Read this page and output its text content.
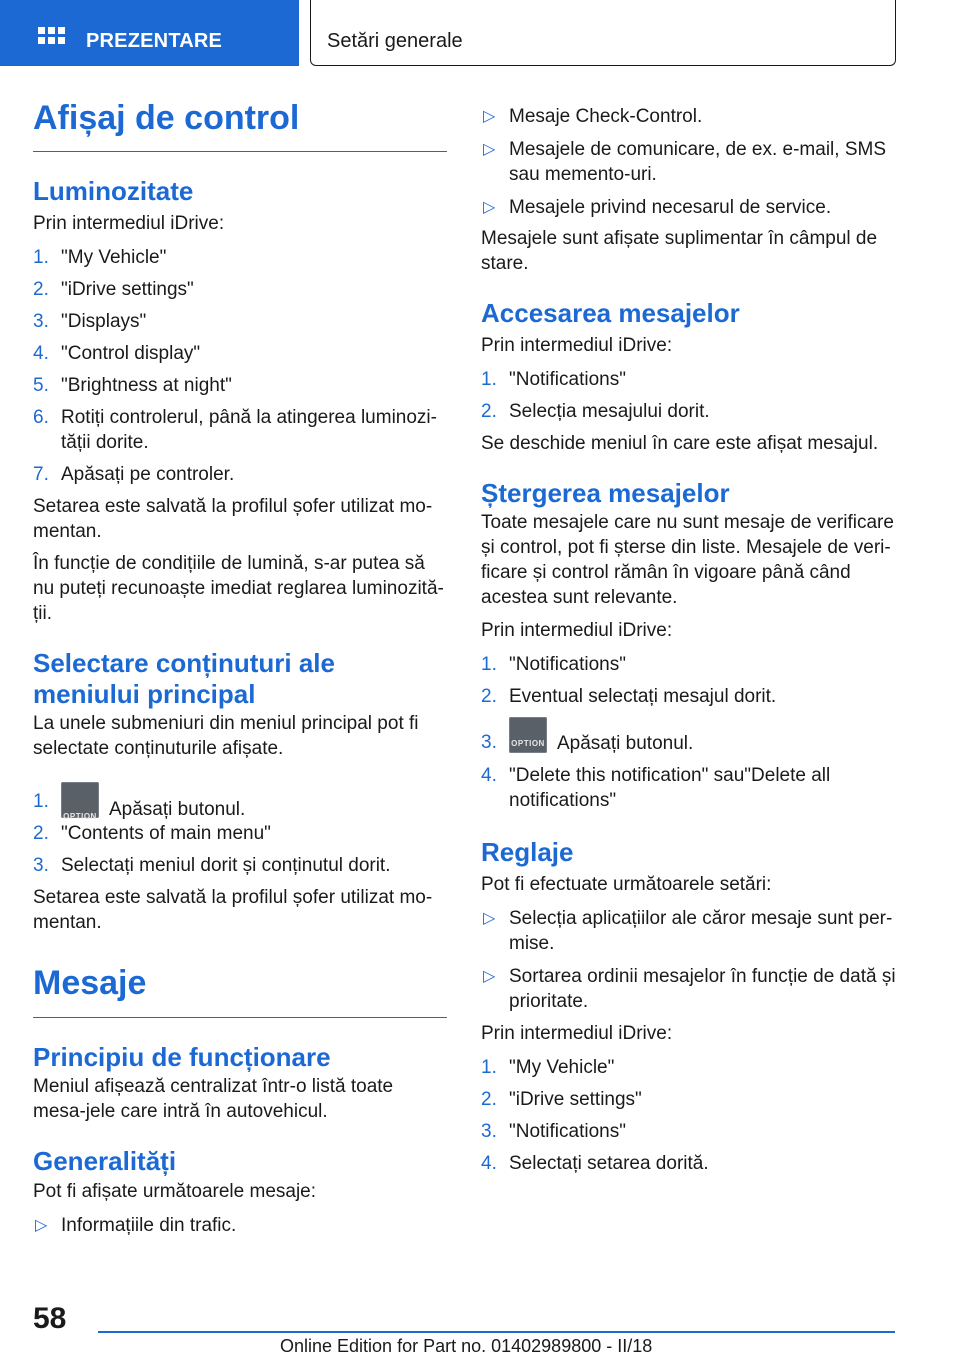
PREZENTARE	Setări generale
Afișaj de control
Luminozitate

Prin intermediul iDrive:

1. "My Vehicle"
2. "iDrive settings"
3. "Displays"
4. "Control display"
5. "Brightness at night"
6. Rotiți controlerul, până la atingerea luminozi-tății dorite.
7. Apăsați pe controler.

Setarea este salvată la profilul șofer utilizat mo-mentan.

În funcție de condițiile de lumină, s-ar putea să nu puteți recunoaște imediat reglarea luminozită-ții.

Selectare conținuturi ale meniului principal

La unele submeniuri din meniul principal pot fi selectate conținuturile afișate.

1.
OPTION Apăsați butonul.
2. "Contents of main menu"
3. Selectați meniul dorit și conținutul dorit.

Setarea este salvată la profilul șofer utilizat mo-mentan.

Mesaje
Principiu de funcționare

Meniul afișează centralizat într-o listă toate mesa-jele care intră în autovehicul.

Generalități

Pot fi afișate următoarele mesaje:

▷ Informațiile din trafic.
▷ Mesaje Check-Control.
▷ Mesajele de comunicare, de ex. e-mail, SMS sau memento-uri.
▷ Mesajele privind necesarul de service.

Mesajele sunt afișate suplimentar în câmpul de stare.

Accesarea mesajelor

Prin intermediul iDrive:

1. "Notifications"
2. Selecția mesajului dorit.

Se deschide meniul în care este afișat mesajul.

Ștergerea mesajelor

Toate mesajele care nu sunt mesaje de verificare și control, pot fi șterse din liste. Mesajele de veri-ficare și control rămân în vigoare până când acestea sunt relevante.

Prin intermediul iDrive:

1. "Notifications"
2. Eventual selectați mesajul dorit.
3. OPTION Apăsați butonul.
4. "Delete this notification" sau"Delete all notifications"
Reglaje

Pot fi efectuate următoarele setări:

▷ Selecția aplicațiilor ale căror mesaje sunt per-mise.
▷ Sortarea ordinii mesajelor în funcție de dată și prioritate.

Prin intermediul iDrive:

1. "My Vehicle"
2. "iDrive settings"
3. "Notifications"
4. Selectați setarea dorită.
58
Online Edition for Part no. 01402989800 - II/18
